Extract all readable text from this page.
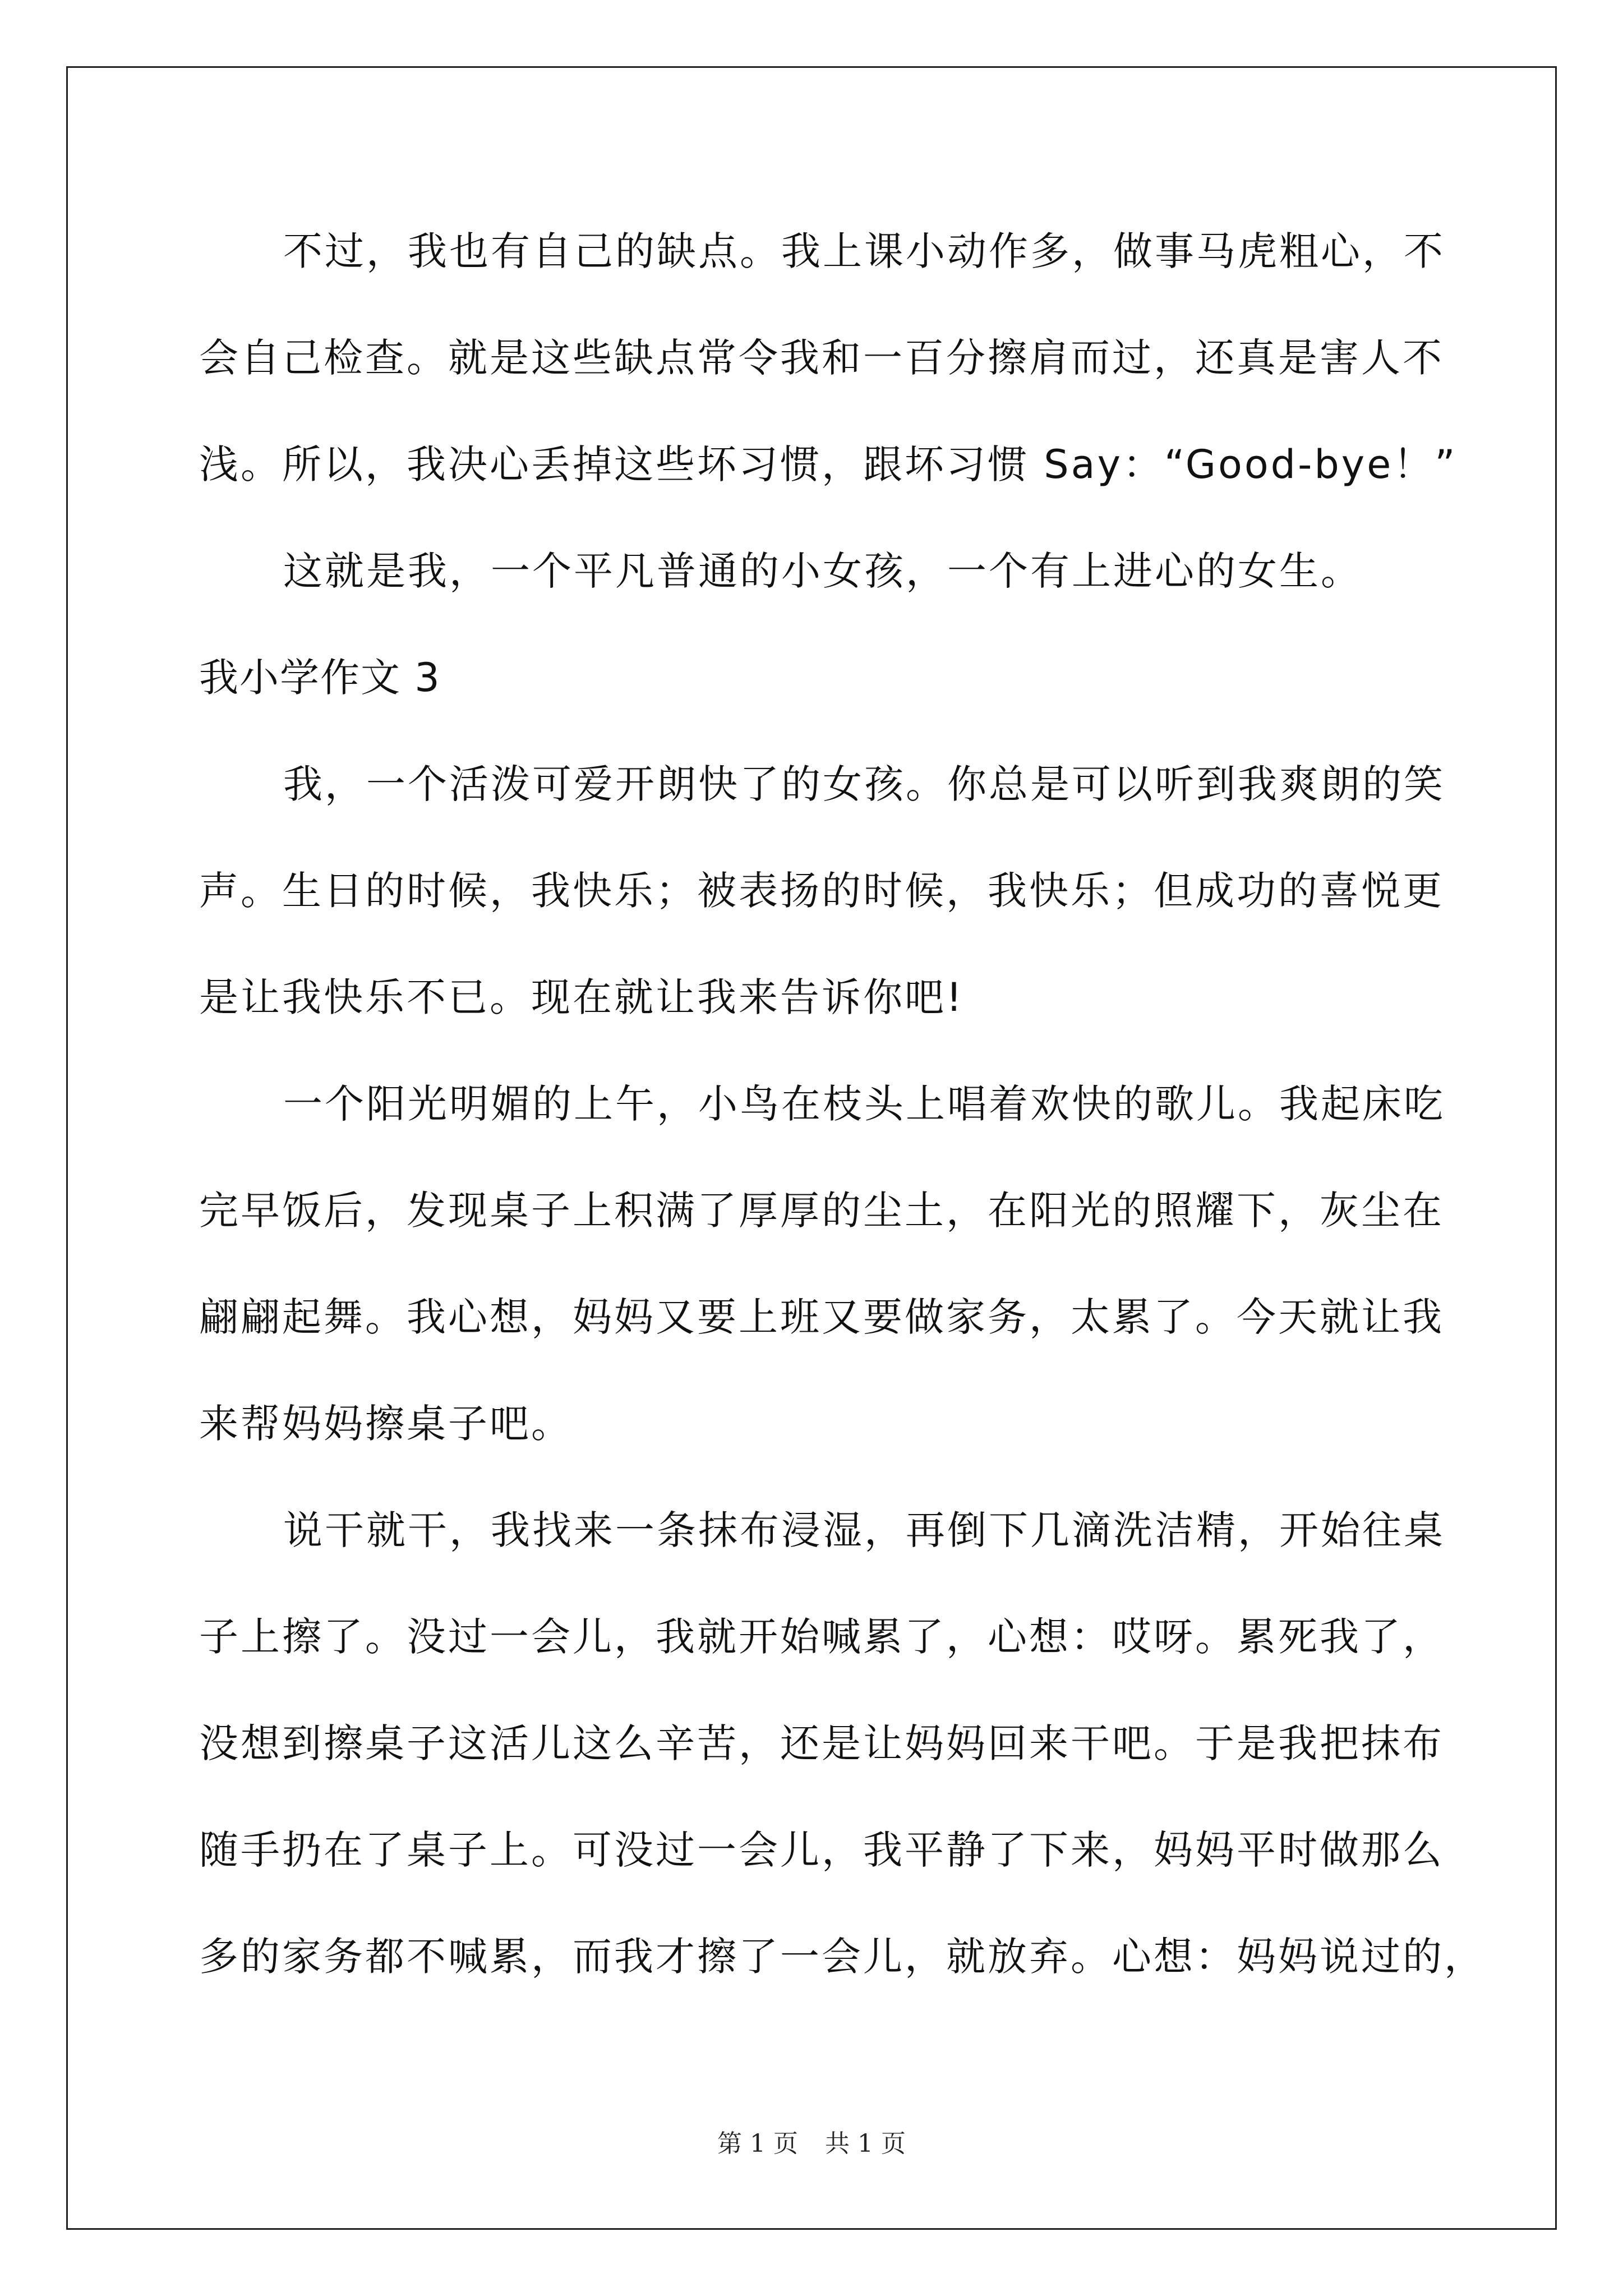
不过，我也有自己的缺点。我上课小动作多，做事马虎粗心，不
会自己检查。就是这些缺点常令我和一百分擦肩而过，还真是害人不
浅。所以，我决心丢掉这些坏习惯，跟坏习惯 Say：“Good-bye！”
这就是我，一个平凡普通的小女孩，一个有上进心的女生。
我小学作文 3
我，一个活泼可爱开朗快了的女孩。你总是可以听到我爽朗的笑
声。生日的时候，我快乐；被表扬的时候，我快乐；但成功的喜悦更
是让我快乐不已。现在就让我来告诉你吧!
一个阳光明媚的上午，小鸟在枝头上唱着欢快的歌儿。我起床吃
完早饭后，发现桌子上积满了厚厚的尘土，在阳光的照耀下，灰尘在
翩翩起舞。我心想，妈妈又要上班又要做家务，太累了。今天就让我
来帮妈妈擦桌子吧。
说干就干，我找来一条抹布浸湿，再倒下几滴洗洁精，开始往桌
子上擦了。没过一会儿，我就开始喊累了，心想：哎呀。累死我了，
没想到擦桌子这活儿这么辛苦，还是让妈妈回来干吧。于是我把抹布
随手扔在了桌子上。可没过一会儿，我平静了下来，妈妈平时做那么
多的家务都不喊累，而我才擦了一会儿，就放弃。心想：妈妈说过的，
第 1 页 共 1 页
